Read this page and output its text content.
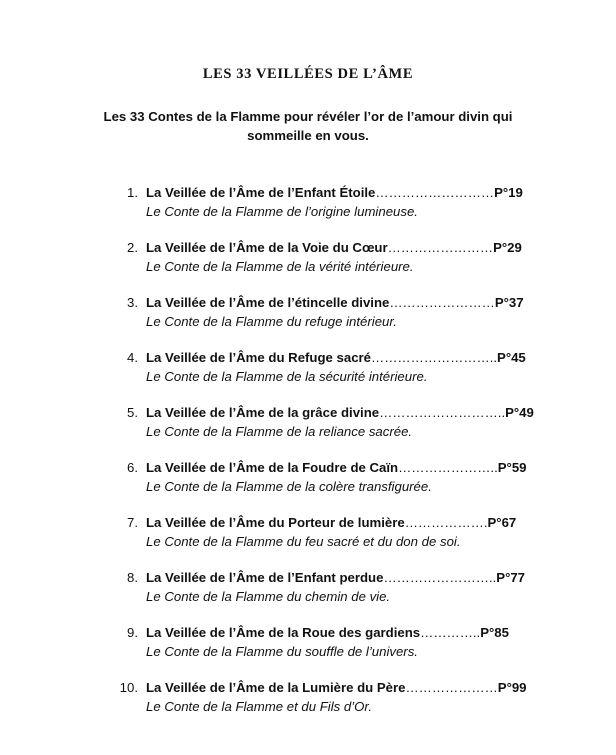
LES 33 VEILLÉES DE L’ÂME
Les 33 Contes de la Flamme pour révéler l’or de l’amour divin qui sommeille en vous.
1. La Veillée de l’Âme de l’Enfant Étoile………………………P°19
Le Conte de la Flamme de l’origine lumineuse.
2. La Veillée de l’Âme de la Voie du Cœur……………………P°29
Le Conte de la Flamme de la vérité intérieure.
3. La Veillée de l’Âme de l’étincelle divine……………………P°37
Le Conte de la Flamme du refuge intérieur.
4. La Veillée de l’Âme du Refuge sacré………………………..P°45
Le Conte de la Flamme de la sécurité intérieure.
5. La Veillée de l’Âme de la grâce divine………………………..P°49
Le Conte de la Flamme de la reliance sacrée.
6. La Veillée de l’Âme de la Foudre de Caïn…………………..P°59
Le Conte de la Flamme de la colère transfigurée.
7. La Veillée de l’Âme du Porteur de lumière……………….P°67
Le Conte de la Flamme du feu sacré et du don de soi.
8. La Veillée de l’Âme de l’Enfant perdue……………………..P°77
Le Conte de la Flamme du chemin de vie.
9. La Veillée de l’Âme de la Roue des gardiens…………..P°85
Le Conte de la Flamme du souffle de l’univers.
10. La Veillée de l’Âme de la Lumière du Père…………………P°99
Le Conte de la Flamme et du Fils d’Or.
